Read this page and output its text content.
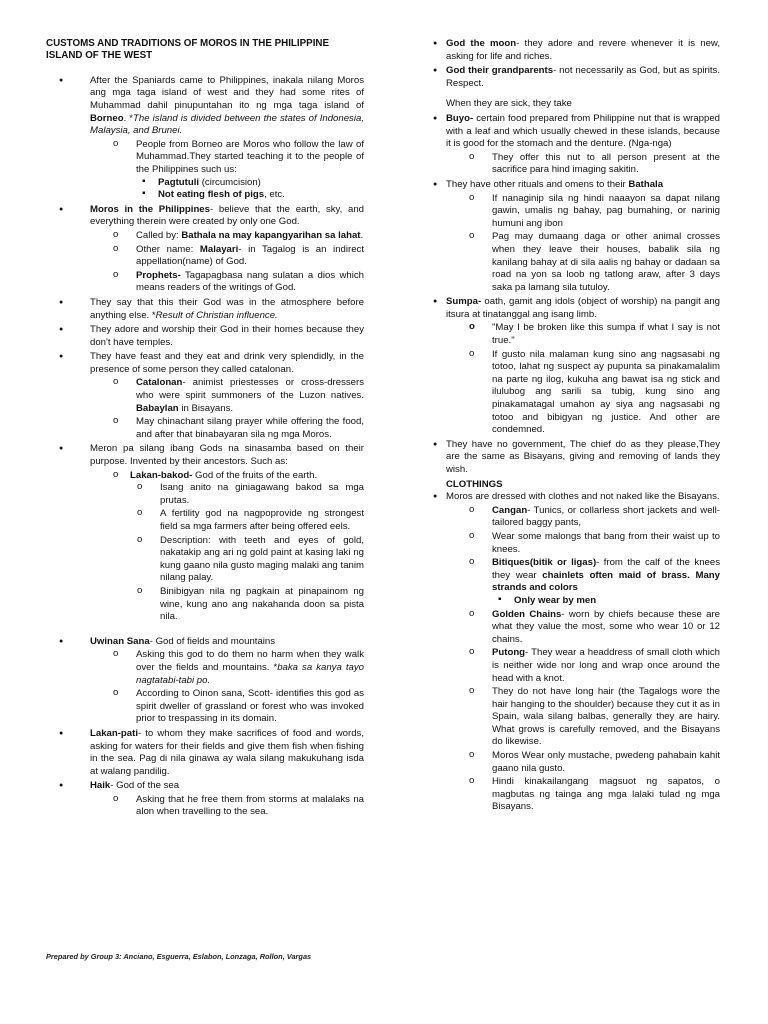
CUSTOMS AND TRADITIONS OF MOROS IN THE PHILIPPINE ISLAND OF THE WEST
● After the Spaniards came to Philippines, inakala nilang Moros ang mga taga island of west and they had some rites of Muhammad dahil pinupuntahan ito ng mga taga island of Borneo. *The island is divided between the states of Indonesia, Malaysia, and Brunei.
o People from Borneo are Moros who follow the law of Muhammad.They started teaching it to the people of the Philippines such us:
▪ Pagtutuli (circumcision)
▪ Not eating flesh of pigs, etc.
● Moros in the Philippines- believe that the earth, sky, and everything therein were created by only one God.
o Called by: Bathala na may kapangyarihan sa lahat.
o Other name: Malayari- in Tagalog is an indirect appellation(name) of God.
o Prophets- Tagapagbasa nang sulatan a dios which means readers of the writings of God.
● They say that this their God was in the atmosphere before anything else. *Result of Christian influence.
● They adore and worship their God in their homes because they don't have temples.
● They have feast and they eat and drink very splendidly, in the presence of some person they called catalonan.
o Catalonan- animist priestesses or cross-dressers who were spirit summoners of the Luzon natives. Babaylan in Bisayans.
o May chinachant silang prayer while offering the food, and after that binabayaran sila ng mga Moros.
● Meron pa silang ibang Gods na sinasamba based on their purpose. Invented by their ancestors. Such as:
o Lakan-bakod- God of the fruits of the earth.
o Isang anito na giniagawang bakod sa mga prutas.
o A fertility god na nagpoprovide ng strongest field sa mga farmers after being offered eels.
o Description: with teeth and eyes of gold, nakatakip ang ari ng gold paint at kasing laki ng kung gaano nila gusto maging malaki ang tanim nilang palay.
o Binibigyan nila ng pagkain at pinapainom ng wine, kung ano ang nakahanda doon sa pista nila.
● Uwinan Sana- God of fields and mountains
o Asking this god to do them no harm when they walk over the fields and mountains. *baka sa kanya tayo nagtatabi-tabi po.
o According to Oinon sana, Scott- identifies this god as spirit dweller of grassland or forest who was invoked prior to trespassing in its domain.
● Lakan-pati- to whom they make sacrifices of food and words, asking for waters for their fields and give them fish when fishing in the sea. Pag di nila ginawa ay wala silang makukuhang isda at walang pandilig.
● Haik- God of the sea
o Asking that he free them from storms at malalaks na alon when travelling to the sea.
● God the moon- they adore and revere whenever it is new, asking for life and riches.
● God their grandparents- not necessarily as God, but as spirits. Respect.
When they are sick, they take
● Buyo- certain food prepared from Philippine nut that is wrapped with a leaf and which usually chewed in these islands, because it is good for the stomach and the denture. (Nga-nga)
o They offer this nut to all person present at the sacrifice para hind imaging sakitin.
● They have other rituals and omens to their Bathala
o If nanaginip sila ng hindi naaayon sa dapat nilang gawin, umalis ng bahay, pag bumahing, or narinig humuni ang ibon
o Pag may dumaang daga or other animal crosses when they leave their houses, babalik sila ng kanilang bahay at di sila aalis ng bahay or dadaan sa road na yon sa loob ng tatlong araw, after 3 days saka pa lamang sila tutuloy.
● Sumpa- oath, gamit ang idols (object of worship) na pangit ang itsura at tinatanggal ang isang limb.
o "May I be broken like this sumpa if what I say is not true."
o If gusto nila malaman kung sino ang nagsasabi ng totoo, lahat ng suspect ay pupunta sa pinakamalalim na parte ng ilog, kukuha ang bawat isa ng stick and ilulubog ang sarili sa tubig, kung sino ang pinakamatagal umahon ay siya ang nagsasabi ng totoo and bibigyan ng justice. And other are condemned.
● They have no government, The chief do as they please,They are the same as Bisayans, giving and removing of lands they wish.
CLOTHINGS
● Moros are dressed with clothes and not naked like the Bisayans.
o Cangan- Tunics, or collarless short jackets and well-tailored baggy pants,
o Wear some malongs that bang from their waist up to knees.
o Bitiques(bitik or ligas)- from the calf of the knees they wear chainlets often maid of brass. Many strands and colors
▪ Only wear by men
o Golden Chains- worn by chiefs because these are what they value the most, some who wear 10 or 12 chains.
o Putong- They wear a headdress of small cloth which is neither wide nor long and wrap once around the head with a knot.
o They do not have long hair (the Tagalogs wore the hair hanging to the shoulder) because they cut it as in Spain, wala silang balbas, generally they are hairy. What grows is carefully removed, and the Bisayans do likewise.
o Moros Wear only mustache, pwedeng pahabain kahit gaano nila gusto.
o Hindi kinakailangang magsuot ng sapatos, o magbutas ng tainga ang mga lalaki tulad ng mga Bisayans.
Prepared by Group 3: Anciano, Esguerra, Eslabon, Lonzaga, Rollon, Vargas
